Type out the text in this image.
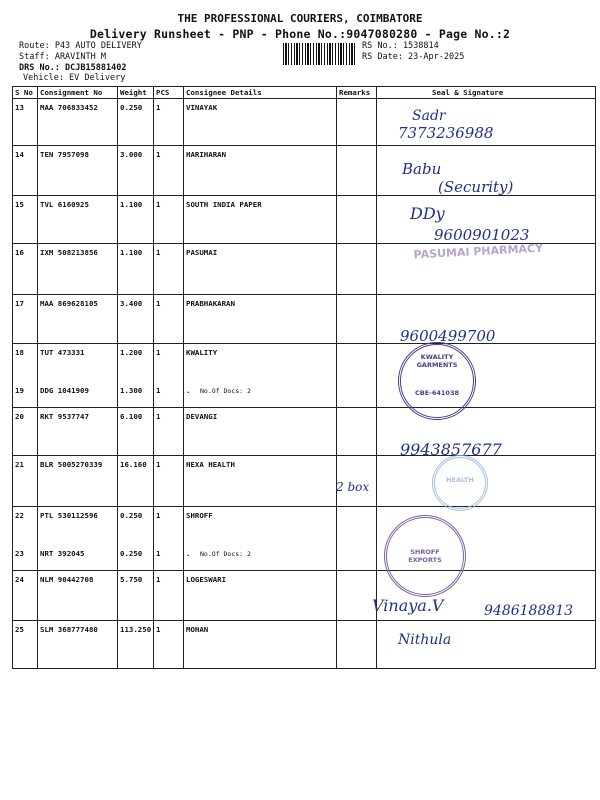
THE PROFESSIONAL COURIERS, COIMBATORE
Delivery Runsheet - PNP - Phone No.:9047080280 - Page No.:2
Route: P43 AUTO DELIVERY
Staff: ARAVINTH M
DRS No.: DCJB15881402
Vehicle: EV Delivery
RS No.: 1538814
RS Date: 23-Apr-2025
S No	Consignment No	Weight	PCS	Consignee Details	Remarks	Seal & Signature
13	MAA 706833452	0.250	1	VINAYAK		
14	TEN 7957098	3.000	1	HARIHARAN		
15	TVL 6160925	1.100	1	SOUTH INDIA PAPER		
16	IXM 508213856	1.100	1	PASUMAI		
17	MAA 869628105	3.400	1	PRABHAKARAN		
18	TUT 473331	1.200	1	KWALITY		
19	DDG 1041909	1.300	1	. No.Of Docs: 2		

20	RKT 9537747	6.100	1	DEVANGI		
21	BLR 5005270339	16.160	1	HEXA HEALTH		
22	PTL 530112596	0.250	1	SHROFF		
23	NRT 392045	0.250	1	. No.Of Docs: 2		

24	NLM 90442708	5.750	1	LOGESWARI		
25	SLM 368777480	113.250	1	MOHAN		
PASUMAI PHARMACY
KWALITY GARMENTS
CBE-641038
HEALTH
SHROFF EXPORTS
Sadr
7373236988
Babu
(Security)
DDy
9600901023
9600499700
9943857677
2 box
Vinaya.V	9486188813
Nithula
